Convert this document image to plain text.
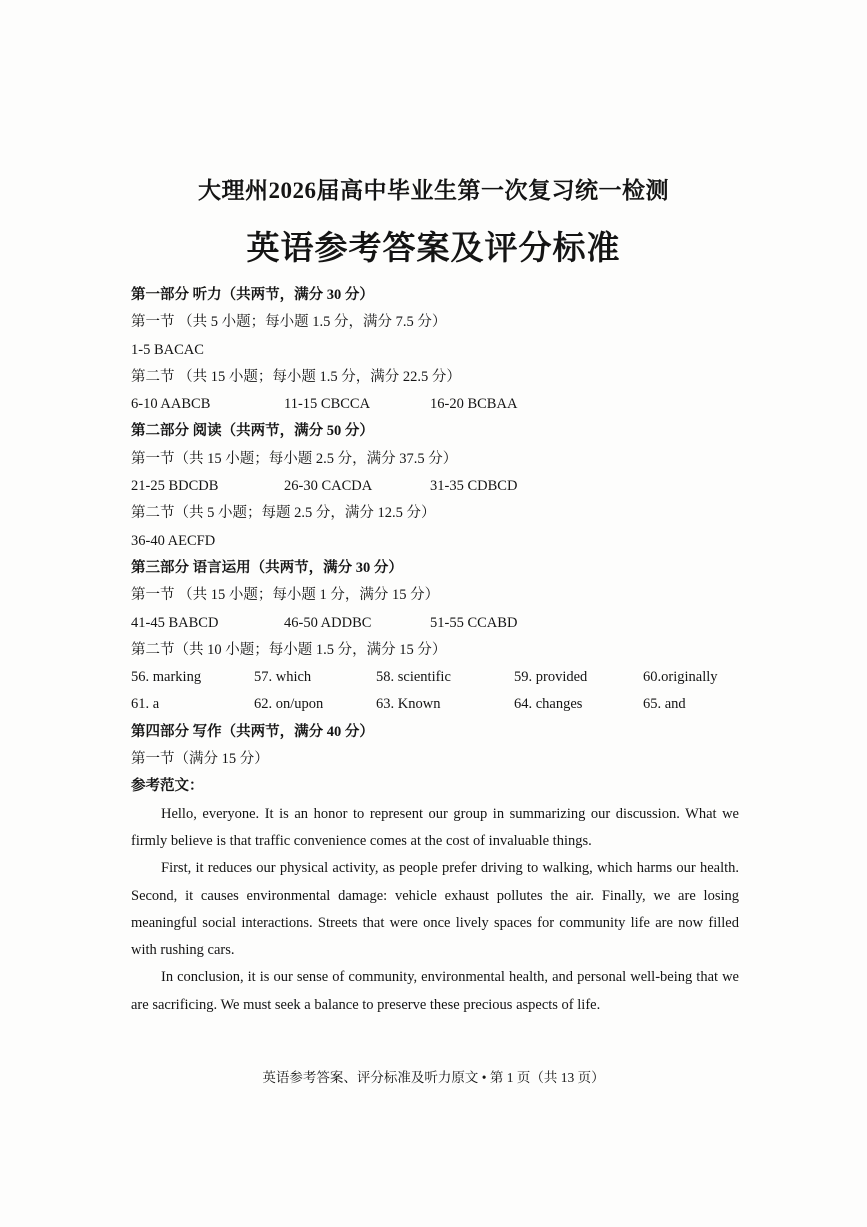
大理州2026届高中毕业生第一次复习统一检测
英语参考答案及评分标准
第一部分 听力（共两节，满分 30 分）
第一节 （共 5 小题；每小题 1.5 分，满分 7.5 分）
1-5 BACAC
第二节 （共 15 小题；每小题 1.5 分，满分 22.5 分）
6-10 AABCB	11-15 CBCCA	16-20 BCBAA
第二部分 阅读（共两节，满分 50 分）
第一节（共 15 小题；每小题 2.5 分，满分 37.5 分）
21-25 BDCDB	26-30 CACDA	31-35 CDBCD
第二节（共 5 小题；每题 2.5 分，满分 12.5 分）
36-40 AECFD
第三部分 语言运用（共两节，满分 30 分）
第一节 （共 15 小题；每小题 1 分，满分 15 分）
41-45 BABCD	46-50 ADDBC	51-55 CCABD
第二节（共 10 小题；每小题 1.5 分，满分 15 分）
56. marking	57. which	58. scientific	59. provided	60.originally
61. a	62. on/upon	63. Known	64. changes	65. and
第四部分 写作（共两节，满分 40 分）
第一节（满分 15 分）
参考范文：

Hello, everyone. It is an honor to represent our group in summarizing our discussion. What we firmly believe is that traffic convenience comes at the cost of invaluable things.

First, it reduces our physical activity, as people prefer driving to walking, which harms our health. Second, it causes environmental damage: vehicle exhaust pollutes the air. Finally, we are losing meaningful social interactions. Streets that were once lively spaces for community life are now filled with rushing cars.

In conclusion, it is our sense of community, environmental health, and personal well-being that we are sacrificing. We must seek a balance to preserve these precious aspects of life.

英语参考答案、评分标准及听力原文 • 第 1 页（共 13 页）
